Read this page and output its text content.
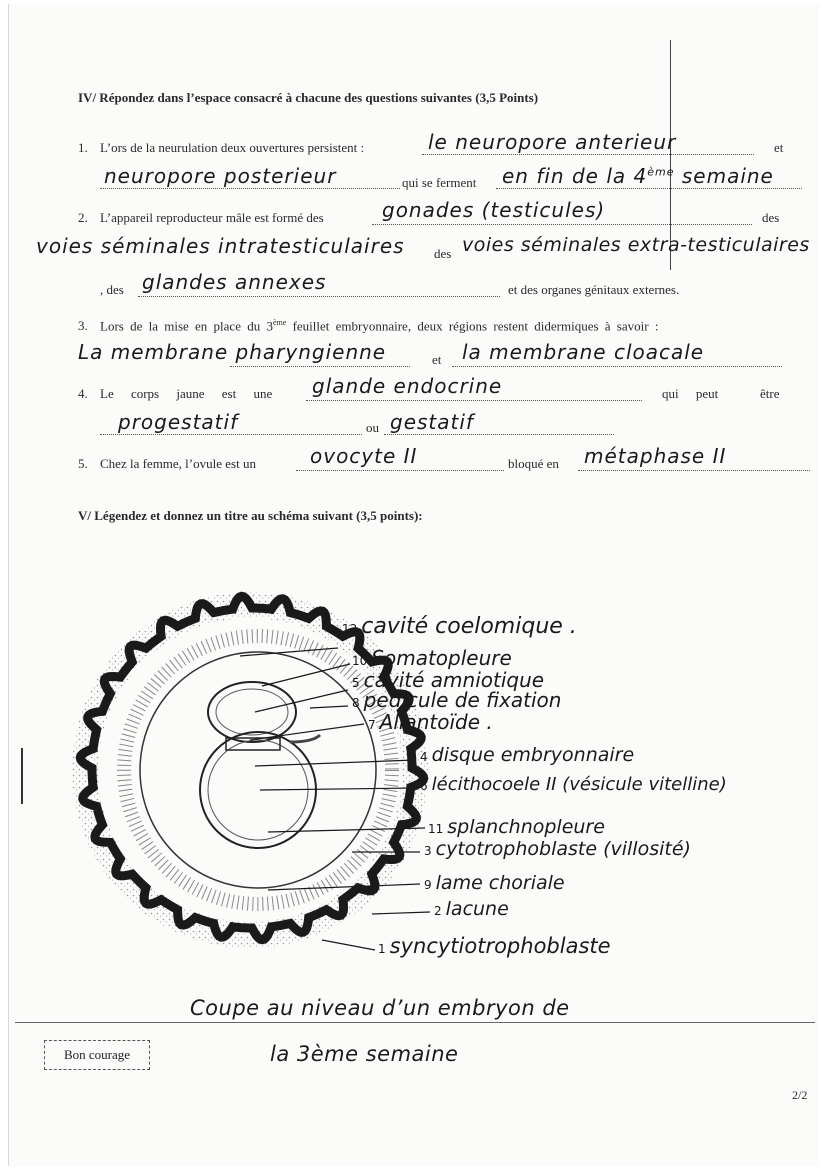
IV/ Répondez dans l’espace consacré à chacune des questions suivantes (3,5 Points)
1. L’ors de la neurulation deux ouvertures persistent :	le neuropore anterieur	et
neuropore posterieur	qui se ferment en fin de la 4ème semaine
2. L’appareil reproducteur mâle est formé des	gonades (testicules)	des
voies séminales intratesticulaires des voies séminales extra-testiculaires
, des glandes annexes	et des organes génitaux externes.
3. Lors de la mise en place du 3ème feuillet embryonnaire, deux régions restent didermiques à savoir :
La membrane pharyngienne	et la membrane cloacale
4. Le corps jaune est une glande endocrine	qui peut	être
progestatif	ou gestatif
5. Chez la femme, l’ovule est un	ovocyte II	bloqué en métaphase II
V/ Légendez et donnez un titre au schéma suivant (3,5 points):
12 cavité coelomique .
10 Somatopleure
5 cavité amniotique
8 pedicule de fixation
7 Allantoïde .
4 disque embryonnaire
6 lécithocoele II (vésicule vitelline)
11 splanchnopleure
3 cytotrophoblaste (villosité)
9 lame choriale
2 lacune
1 syncytiotrophoblaste
Coupe au niveau d’un embryon de
la 3ème semaine
Bon courage
2/2
